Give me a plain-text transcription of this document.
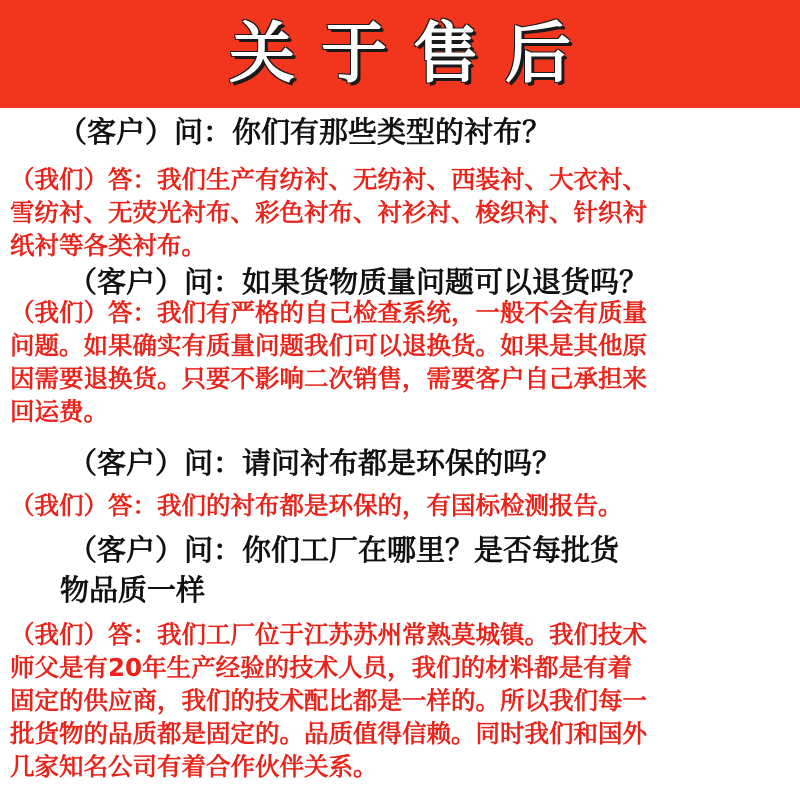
关于售后
（客户）问：你们有那些类型的衬布？
（我们）答：我们生产有纺衬、无纺衬、西装衬、大衣衬、
雪纺衬、无荧光衬布、彩色衬布、衬衫衬、梭织衬、针织衬
纸衬等各类衬布。
（客户）问：如果货物质量问题可以退货吗？
（我们）答：我们有严格的自己检查系统，一般不会有质量
问题。如果确实有质量问题我们可以退换货。如果是其他原
因需要退换货。只要不影响二次销售，需要客户自己承担来
回运费。
（客户）问：请问衬布都是环保的吗？
（我们）答：我们的衬布都是环保的，有国标检测报告。
（客户）问：你们工厂在哪里？是否每批货
物品质一样
（我们）答：我们工厂位于江苏苏州常熟莫城镇。我们技术
师父是有20年生产经验的技术人员，我们的材料都是有着
固定的供应商，我们的技术配比都是一样的。所以我们每一
批货物的品质都是固定的。品质值得信赖。同时我们和国外
几家知名公司有着合作伙伴关系。
